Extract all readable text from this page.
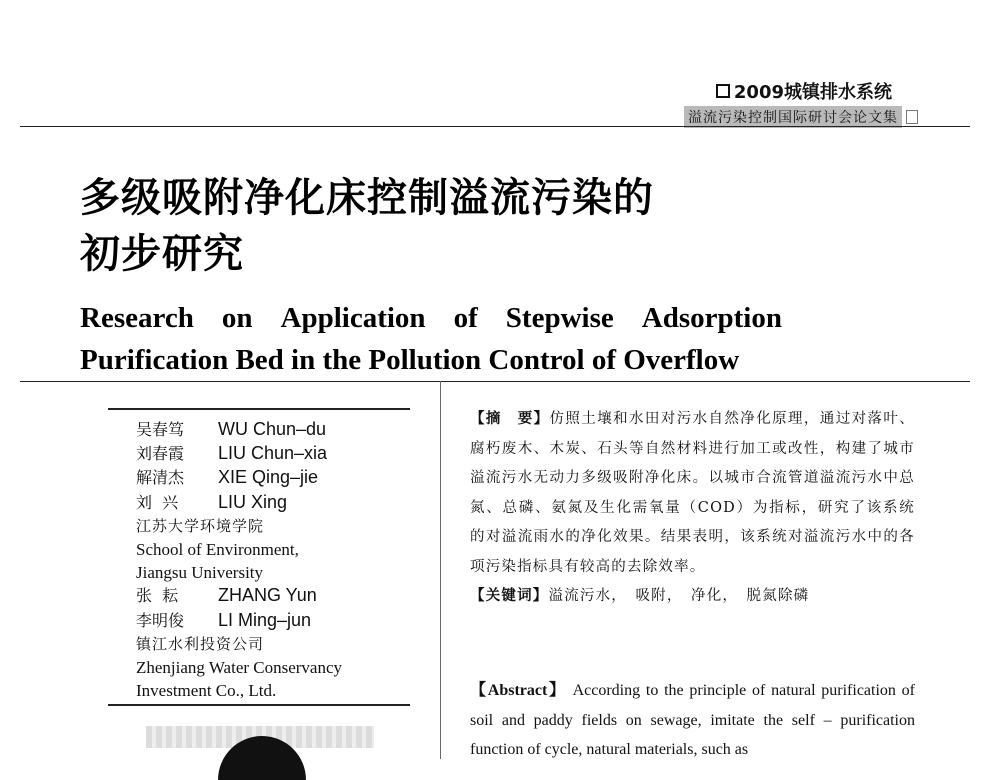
2009城镇排水系统
溢流污染控制国际研讨会论文集
多级吸附净化床控制溢流污染的
初步研究
Research on Application of Stepwise Adsorption
Purification Bed in the Pollution Control of Overflow
吴春笃 WU Chun–du
刘春霞 LIU Chun–xia
解清杰 XIE Qing–jie
刘  兴 LIU Xing
江苏大学环境学院
School of Environment,
Jiangsu University
张  耘 ZHANG Yun
李明俊 LI Ming–jun
镇江水利投资公司
Zhenjiang Water Conservancy
Investment Co., Ltd.

【摘　要】仿照土壤和水田对污水自然净化原理，通过对落叶、腐朽废木、木炭、石头等自然材料进行加工或改性，构建了城市溢流污水无动力多级吸附净化床。以城市合流管道溢流污水中总氮、总磷、氨氮及生化需氧量（COD）为指标，研究了该系统的对溢流雨水的净化效果。结果表明，该系统对溢流污水中的各项污染指标具有较高的去除效率。

【关键词】溢流污水，　吸附，　净化，　脱氮除磷

【Abstract】 According to the principle of natural purification of soil and paddy fields on sewage, imitate the self – purification function of cycle, natural materials, such as
